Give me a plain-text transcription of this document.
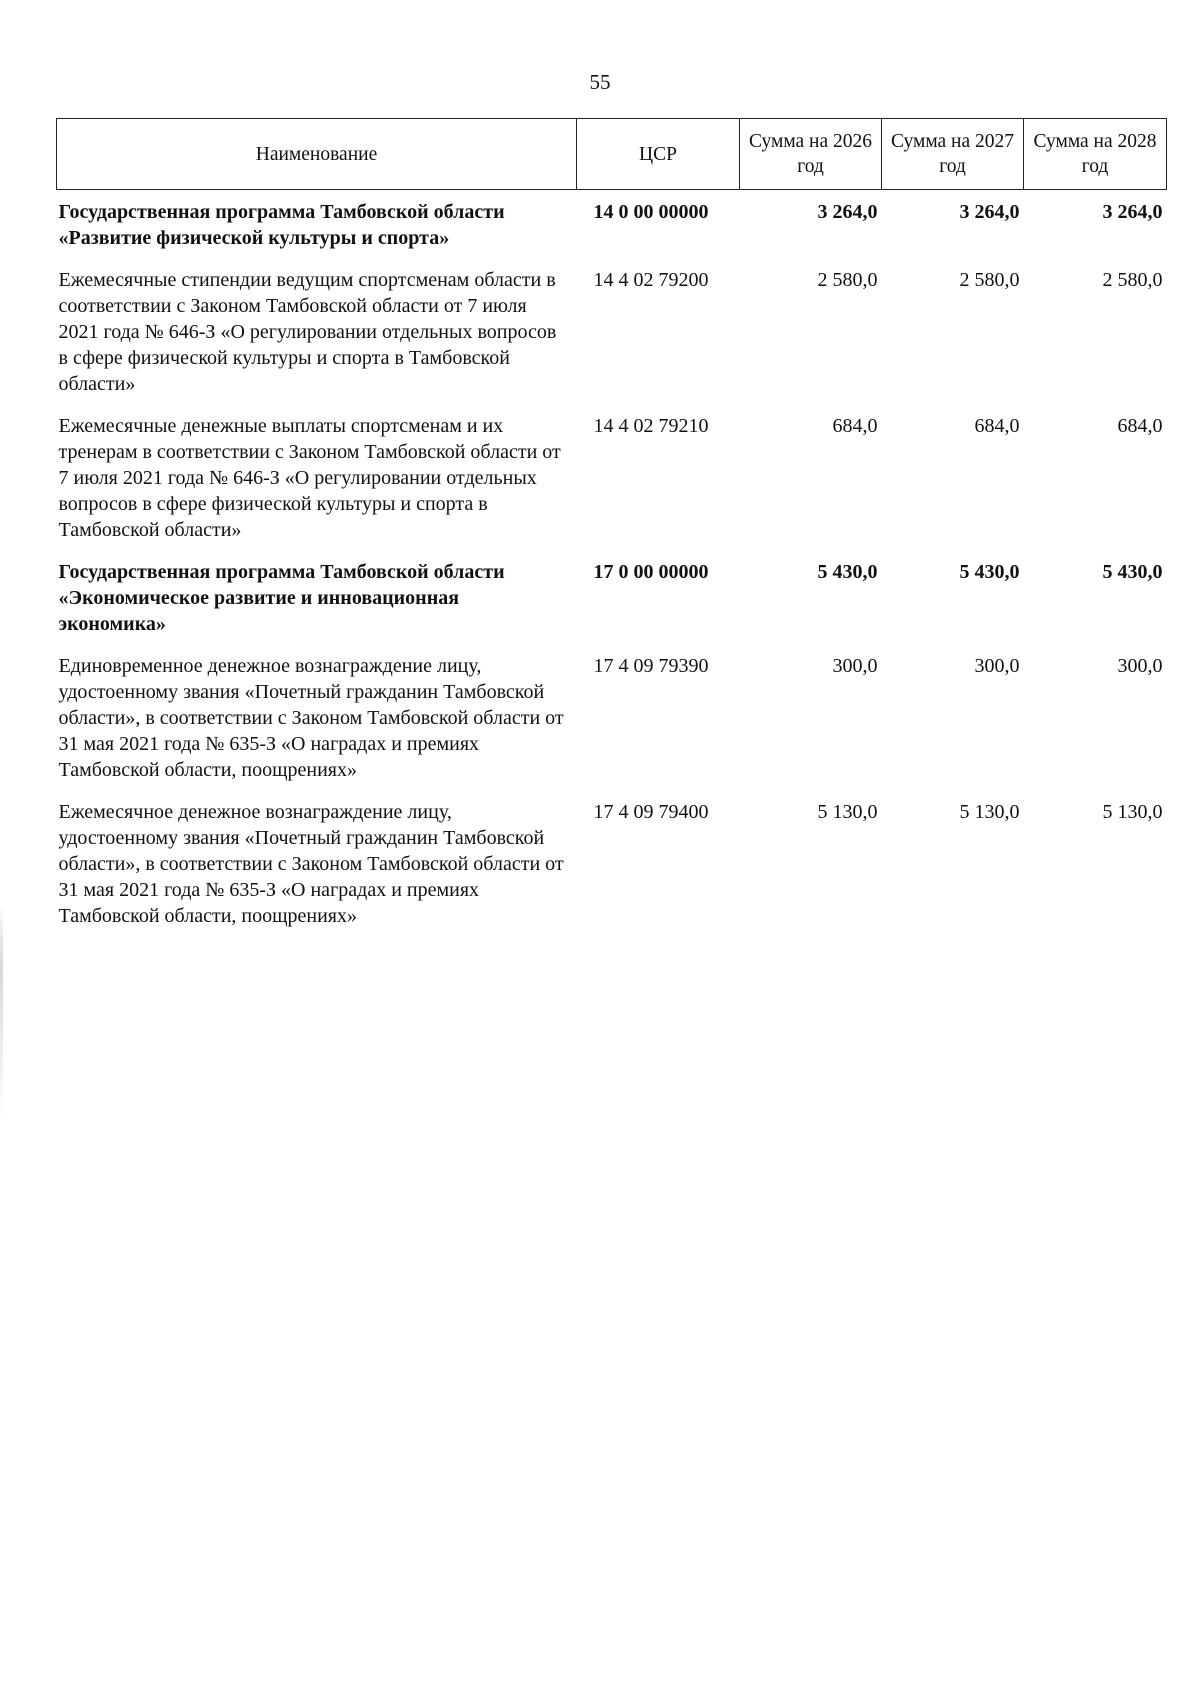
55
Наименование	ЦСР	Сумма на 2026 год	Сумма на 2027 год	Сумма на 2028 год
Государственная программа Тамбовской области «Развитие физической культуры и спорта»	14 0 00 00000	3 264,0	3 264,0	3 264,0
Ежемесячные стипендии ведущим спортсменам области в соответствии с Законом Тамбовской области от 7 июля 2021 года № 646-З «О регулировании отдельных вопросов в сфере физической культуры и спорта в Тамбовской области»	14 4 02 79200	2 580,0	2 580,0	2 580,0
Ежемесячные денежные выплаты спортсменам и их тренерам в соответствии с Законом Тамбовской области от 7 июля 2021 года № 646-З «О регулировании отдельных вопросов в сфере физической культуры и спорта в Тамбовской области»	14 4 02 79210	684,0	684,0	684,0
Государственная программа Тамбовской области «Экономическое развитие и инновационная экономика»	17 0 00 00000	5 430,0	5 430,0	5 430,0
Единовременное денежное вознаграждение лицу, удостоенному звания «Почетный гражданин Тамбовской области», в соответствии с Законом Тамбовской области от 31 мая 2021 года № 635-З «О наградах и премиях Тамбовской области, поощрениях»	17 4 09 79390	300,0	300,0	300,0
Ежемесячное денежное вознаграждение лицу, удостоенному звания «Почетный гражданин Тамбовской области», в соответствии с Законом Тамбовской области от 31 мая 2021 года № 635-З «О наградах и премиях Тамбовской области, поощрениях»	17 4 09 79400	5 130,0	5 130,0	5 130,0
